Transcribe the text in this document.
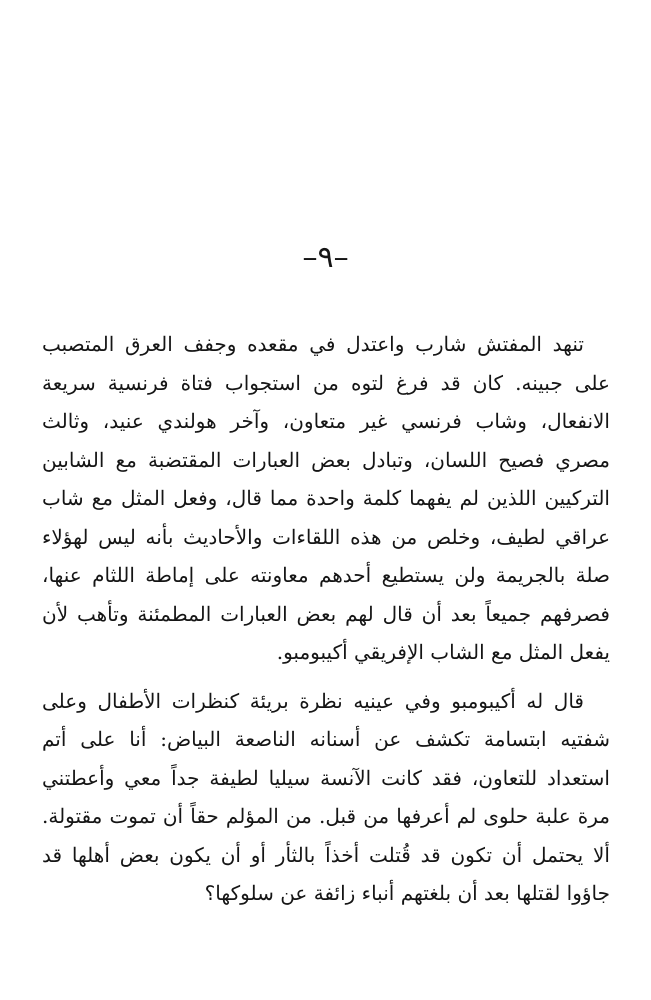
–٩–

تنهد المفتش شارب واعتدل في مقعده وجفف العرق المتصبب على جبينه. كان قد فرغ لتوه من استجواب فتاة فرنسية سريعة الانفعال، وشاب فرنسي غير متعاون، وآخر هولندي عنيد، وثالث مصري فصيح اللسان، وتبادل بعض العبارات المقتضبة مع الشابين التركيين اللذين لم يفهما كلمة واحدة مما قال، وفعل المثل مع شاب عراقي لطيف، وخلص من هذه اللقاءات والأحاديث بأنه ليس لهؤلاء صلة بالجريمة ولن يستطيع أحدهم معاونته على إماطة اللثام عنها، فصرفهم جميعاً بعد أن قال لهم بعض العبارات المطمئنة وتأهب لأن يفعل المثل مع الشاب الإفريقي أكيبومبو.

قال له أكيبومبو وفي عينيه نظرة بريئة كنظرات الأطفال وعلى شفتيه ابتسامة تكشف عن أسنانه الناصعة البياض: أنا على أتم استعداد للتعاون، فقد كانت الآنسة سيليا لطيفة جداً معي وأعطتني مرة علبة حلوى لم أعرفها من قبل. من المؤلم حقاً أن تموت مقتولة. ألا يحتمل أن تكون قد قُتلت أخذاً بالثأر أو أن يكون بعض أهلها قد جاؤوا لقتلها بعد أن بلغتهم أنباء زائفة عن سلوكها؟
